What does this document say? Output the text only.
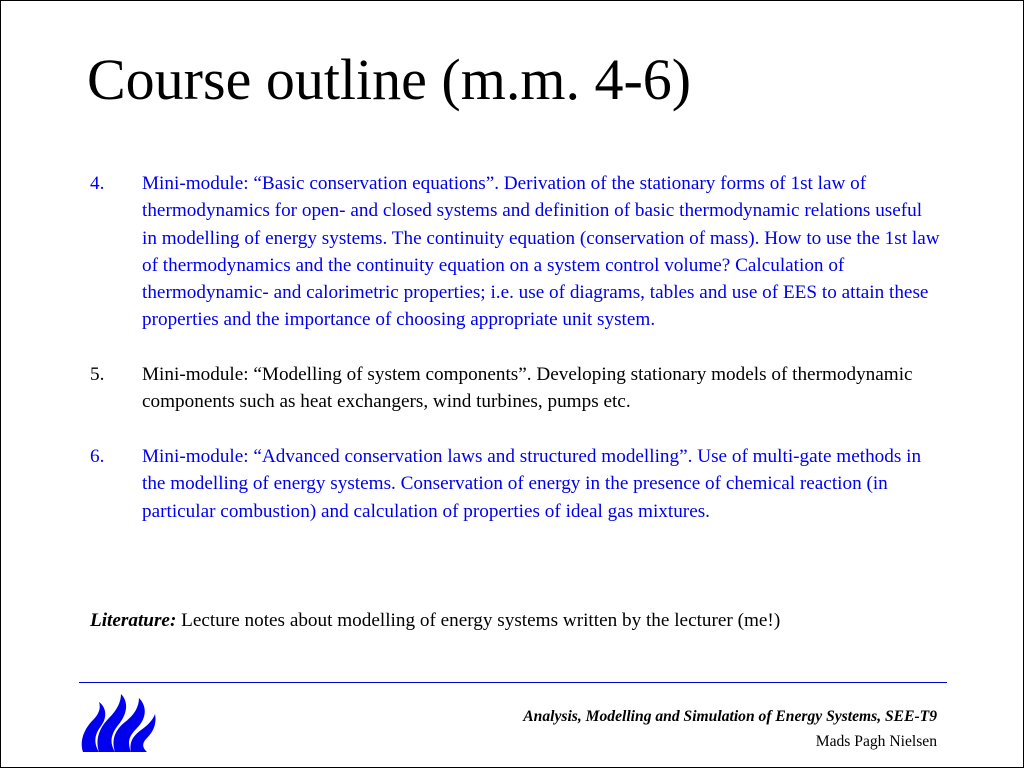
Course outline (m.m. 4-6)
4.	Mini-module: “Basic conservation equations”. Derivation of the stationary forms of 1st law of thermodynamics for open- and closed systems and definition of basic thermodynamic relations useful in modelling of energy systems. The continuity equation (conservation of mass). How to use the 1st law of thermodynamics and the continuity equation on a system control volume? Calculation of thermodynamic- and calorimetric properties; i.e. use of diagrams, tables and use of EES to attain these properties and the importance of choosing appropriate unit system.
5.	Mini-module: “Modelling of system components”. Developing stationary models of thermodynamic components such as heat exchangers, wind turbines, pumps etc.
6.	Mini-module: “Advanced conservation laws and structured modelling”. Use of multi-gate methods in the modelling of energy systems. Conservation of energy in the presence of chemical reaction (in particular combustion) and calculation of properties of ideal gas mixtures.

Literature: Lecture notes about modelling of energy systems written by the lecturer (me!)

Analysis, Modelling and Simulation of Energy Systems, SEE-T9
Mads Pagh Nielsen
